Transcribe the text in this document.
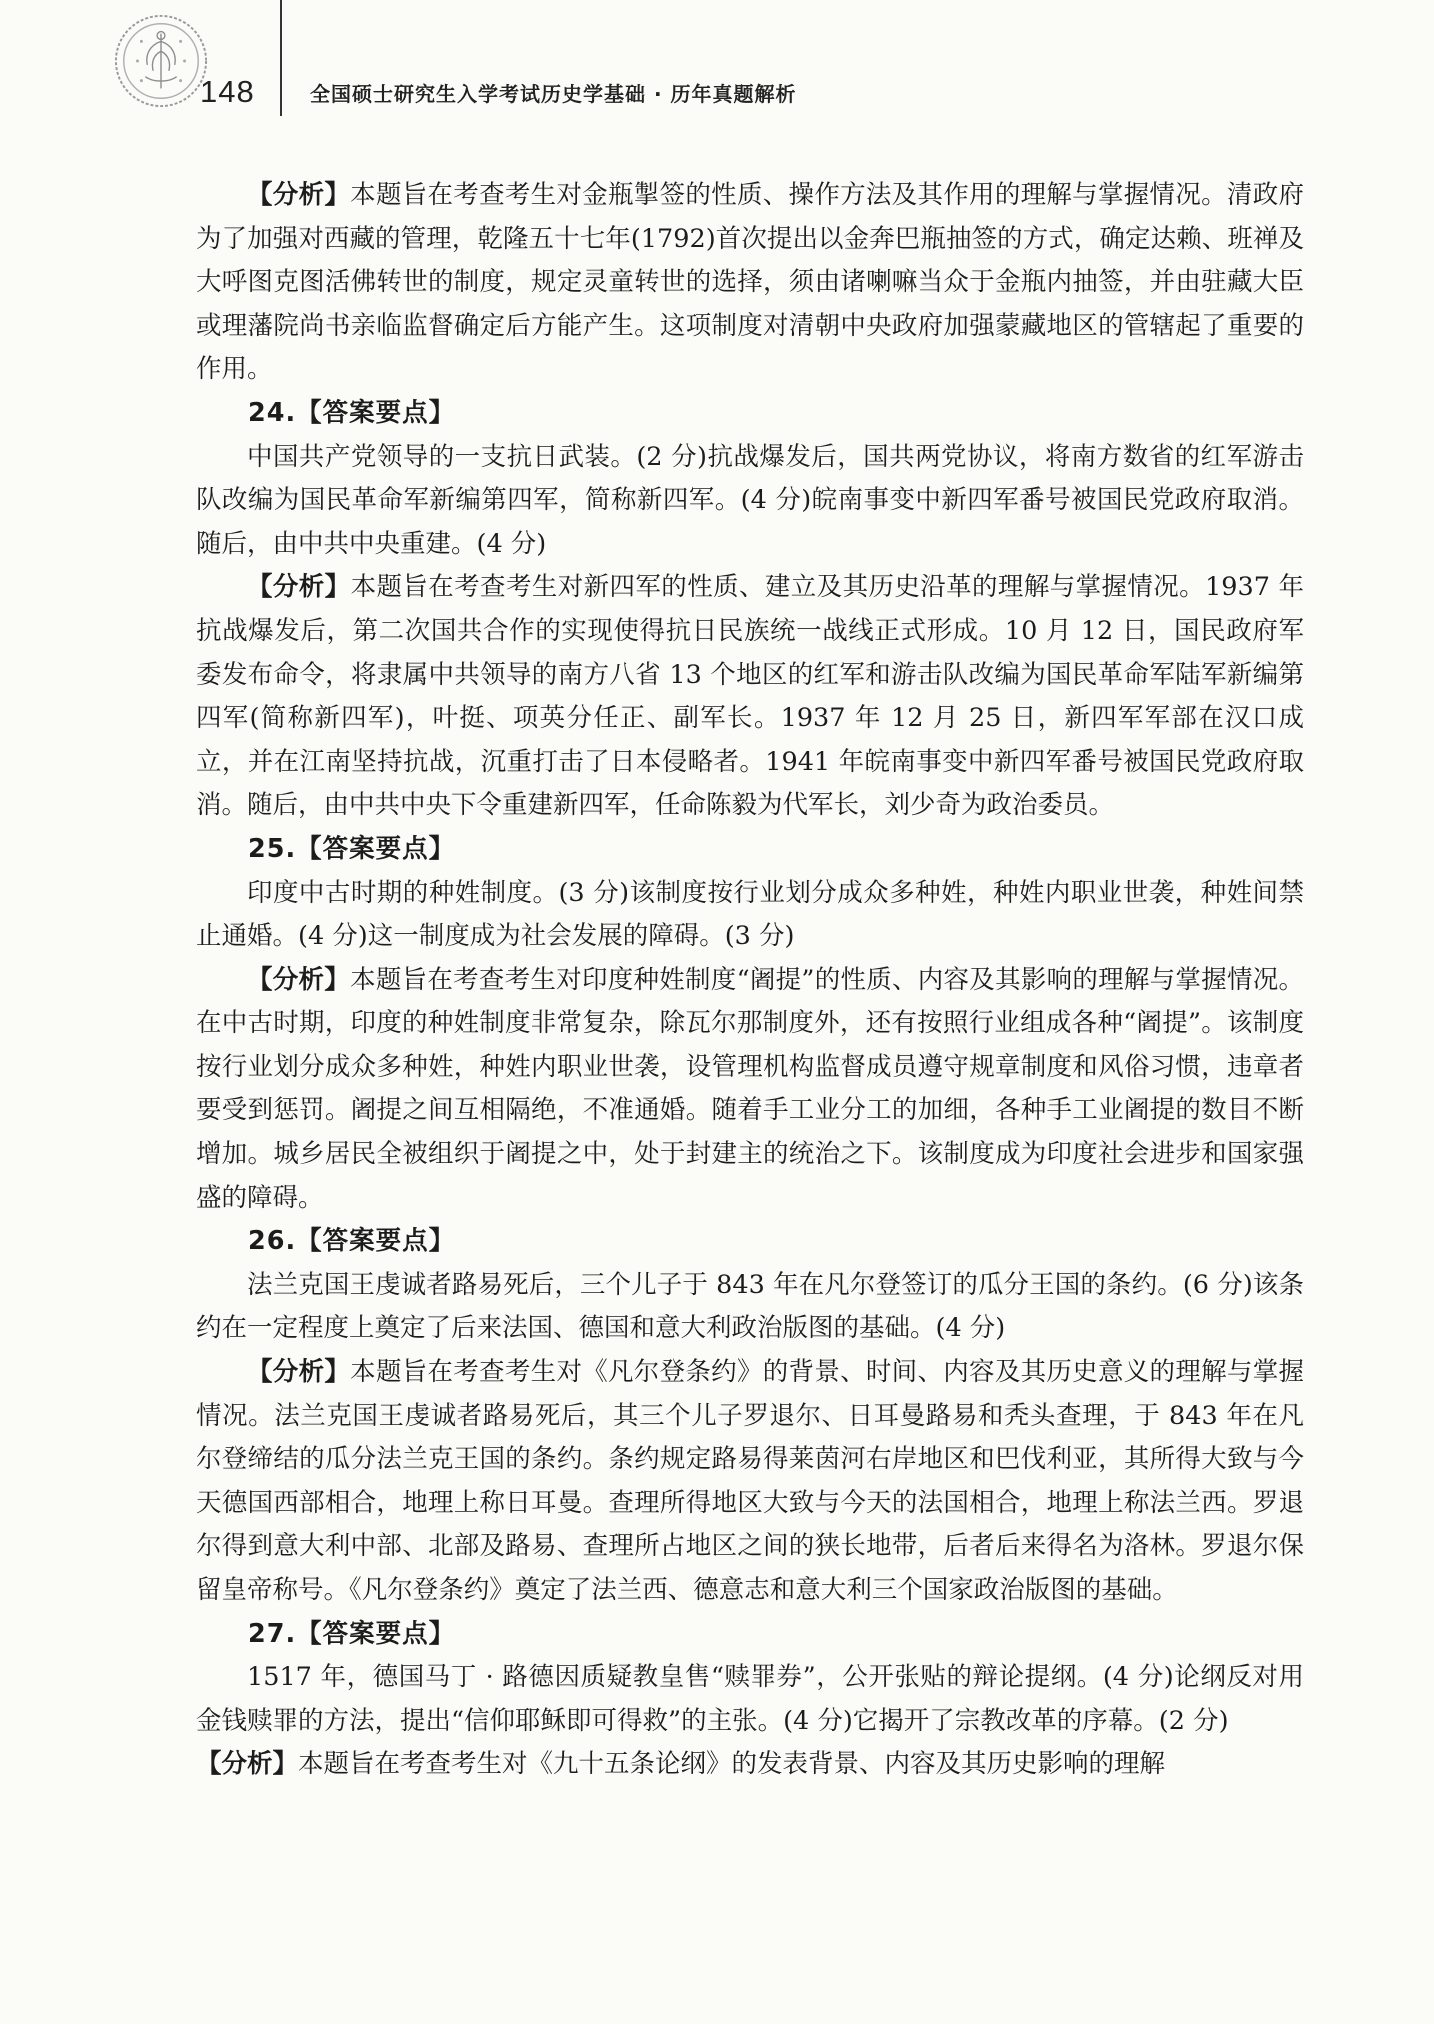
148	全国硕士研究生入学考试历史学基础 · 历年真题解析

【分析】本题旨在考查考生对金瓶掣签的性质、操作方法及其作用的理解与掌握情况。清政府为了加强对西藏的管理，乾隆五十七年(1792)首次提出以金奔巴瓶抽签的方式，确定达赖、班禅及大呼图克图活佛转世的制度，规定灵童转世的选择，须由诸喇嘛当众于金瓶内抽签，并由驻藏大臣或理藩院尚书亲临监督确定后方能产生。这项制度对清朝中央政府加强蒙藏地区的管辖起了重要的作用。

24.【答案要点】

中国共产党领导的一支抗日武装。(2 分)抗战爆发后，国共两党协议，将南方数省的红军游击队改编为国民革命军新编第四军，简称新四军。(4 分)皖南事变中新四军番号被国民党政府取消。随后，由中共中央重建。(4 分)

【分析】本题旨在考查考生对新四军的性质、建立及其历史沿革的理解与掌握情况。1937 年抗战爆发后，第二次国共合作的实现使得抗日民族统一战线正式形成。10 月 12 日，国民政府军委发布命令，将隶属中共领导的南方八省 13 个地区的红军和游击队改编为国民革命军陆军新编第四军(简称新四军)，叶挺、项英分任正、副军长。1937 年 12 月 25 日，新四军军部在汉口成立，并在江南坚持抗战，沉重打击了日本侵略者。1941 年皖南事变中新四军番号被国民党政府取消。随后，由中共中央下令重建新四军，任命陈毅为代军长，刘少奇为政治委员。

25.【答案要点】

印度中古时期的种姓制度。(3 分)该制度按行业划分成众多种姓，种姓内职业世袭，种姓间禁止通婚。(4 分)这一制度成为社会发展的障碍。(3 分)

【分析】本题旨在考查考生对印度种姓制度“阇提”的性质、内容及其影响的理解与掌握情况。在中古时期，印度的种姓制度非常复杂，除瓦尔那制度外，还有按照行业组成各种“阇提”。该制度按行业划分成众多种姓，种姓内职业世袭，设管理机构监督成员遵守规章制度和风俗习惯，违章者要受到惩罚。阇提之间互相隔绝，不准通婚。随着手工业分工的加细，各种手工业阇提的数目不断增加。城乡居民全被组织于阇提之中，处于封建主的统治之下。该制度成为印度社会进步和国家强盛的障碍。

26.【答案要点】

法兰克国王虔诚者路易死后，三个儿子于 843 年在凡尔登签订的瓜分王国的条约。(6 分)该条约在一定程度上奠定了后来法国、德国和意大利政治版图的基础。(4 分)

【分析】本题旨在考查考生对《凡尔登条约》的背景、时间、内容及其历史意义的理解与掌握情况。法兰克国王虔诚者路易死后，其三个儿子罗退尔、日耳曼路易和秃头查理，于 843 年在凡尔登缔结的瓜分法兰克王国的条约。条约规定路易得莱茵河右岸地区和巴伐利亚，其所得大致与今天德国西部相合，地理上称日耳曼。查理所得地区大致与今天的法国相合，地理上称法兰西。罗退尔得到意大利中部、北部及路易、查理所占地区之间的狭长地带，后者后来得名为洛林。罗退尔保留皇帝称号。《凡尔登条约》奠定了法兰西、德意志和意大利三个国家政治版图的基础。

27.【答案要点】

1517 年，德国马丁 · 路德因质疑教皇售“赎罪券”，公开张贴的辩论提纲。(4 分)论纲反对用金钱赎罪的方法，提出“信仰耶稣即可得救”的主张。(4 分)它揭开了宗教改革的序幕。(2 分)

【分析】本题旨在考查考生对《九十五条论纲》的发表背景、内容及其历史影响的理解
